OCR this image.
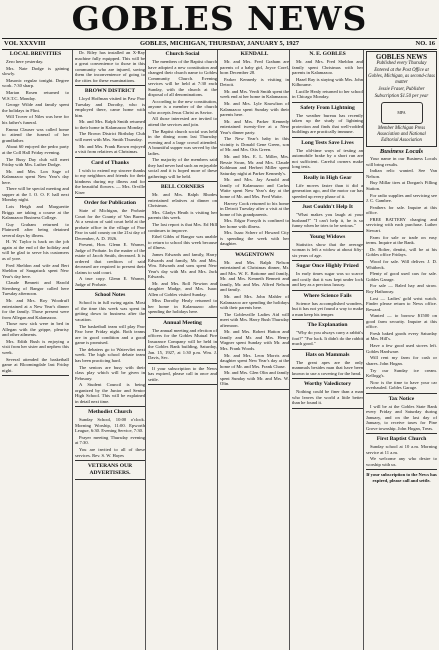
GOBLES NEWS
VOL XXXVIII	GOBLES, MICHIGAN, THURSDAY, JANUARY 5, 1927	NO. 16
LOCAL BREVITIES

Zero here yesterday.

Mrs. Nate Dodge is gaining slowly.

Masonic regular tonight. Degree work. 7:30 sharp.

Marian Rosen returned to W.S.T.C. Monday.

George Wilde and family spent the holidays in Flint.

Will Trover of Niles was here for his father's funeral.

Emma Clauser was called home to attend the funeral of her grandfather.

About 60 enjoyed the pedro party at the Coll Hall Friday evening.

The Busy Day club will meet Friday with Mrs. Luther Dodge.

Mr. and Mrs. Lon Sage of Kalamazoo spent New Year's day here.

There will be special meeting and supper at the I. O. O. F. hall next Monday night.

Lois Heigh and Marguerite Briggs are taking a course at the Kalamazoo Business College.

Guy Graham returned to Plainwell after being detained several days by illness.

H. W. Taylor is back on the job again at the end of the holiday and will be glad to serve his customers as of yore.

Fred Sheldon and wife and Bert Sheldon of Saugatuck spent New Year's day here.

Claude Bennett and Harold Sternberg of Bangor called here Tuesday afternoon.

Mr. and Mrs. Roy Woodruff entertained at a New Year's dinner for the family. Those present were from Allegan and Kalamazoo.

Those now sick were in bed in Allegan with the grippe, pleurisy and other ailments.

Mrs. Edith Bush is enjoying a visit from her sister and nephew this week.

Several attended the basketball game at Bloomingdale last Friday night.

Dr. Riley has installed an X-Ray machine fully equipped. This will be a great convenience to those in this community who are injured, saving them the inconvenience of going to the cities for these examinations.

BROWN DISTRICT

Lloyd Hoffman visited in Paw Paw Tuesday and Dorothy, who is employed there, came home with him.

Mr. and Mrs. Ralph Smith returned to their home in Kalamazoo Monday.

The Brown District Birthday Club will meet with Mrs. Smith Thursday.

Mr. and Mrs. Frank Brown enjoyed a visit from relatives at Christmas.

Card of Thanks

I wish to extend my sincere thanks to my neighbors and friends for their kindness during my illness and for the beautiful flowers. — Mrs. Orville Kiser

Order for Publication

State of Michigan, the Probate Court for the County of Van Buren. At a session of said court held at the probate office in the village of Paw Paw in said county on the 21st day of December, A. D. 1926.

Present, Hon. Glenn E. Warner, Judge of Probate. In the matter of the estate of Jacob Smith, deceased. It is ordered that creditors of said deceased are required to present their claims to said court.

A true copy. Glenn E. Warner, Judge of Probate.

School Notes

School is in full swing again. Most of the time this week was spent in getting down to business after the vacation.

The basketball team will play Paw Paw here Friday night. Both teams are in good condition and a good game is promised.

The debaters go to Watervliet next week. The high school debate team has been practicing hard.

The seniors are busy with their class play which will be given in February.

A Student Council is being organized by the Junior and Senior High School. This will be explained in detail next time.

Methodist Church

Sunday School, 10:00 o'clock. Morning Worship, 11:00. Epworth League, 6:30. Evening Service, 7:30.

Prayer meeting Thursday evening at 7:30.

You are invited to all of these services. Rev. S. W. Hayes

VETERANS OUR ADVERTISERS.
Church Social

The members of the Baptist church have adopted a new constitution and changed their church name to Gobles Community Church. Evening services will be held at 7:30 each Sunday, with the church at the disposal of all denominations.

According to the new constitution, anyone is a member of the church who accepts Jesus Christ as Savior.

All those interested are invited to attend the services and join.

The Baptist church social was held in the dining room last Thursday evening and a large crowd attended. A bountiful supper was served by the ladies.

The majority of the members said they had never had such an enjoyable social and it is hoped more of these gatherings will be held.

BELL CORNERS

Mr. and Mrs. Ralph Rhodes entertained relatives at dinner on Christmas.

Mrs. Gladys Heath is visiting her parents this week.

The last report is that Mrs. Ed Hill continues to improve.

Ethel Gibbs of Bangor was unable to return to school this week because of illness.

James Edwards and family, Harry Edwards and family, Mr. and Mrs. Wm. Edwards and sons spent New Year's day with Mr. and Mrs. Jack Edwards.

Mr. and Mrs. Roll Newton and daughter Madge, and Mrs. Isaac Allen of Gobles visited Sunday.

Miss Dorothy Healy returned to her home in Kalamazoo after spending the holidays here.

Annual Meeting

The annual meeting and election of officers for the Gobles Mutual Fire Insurance Company will be held in the Gobles Bank building, Saturday, Jan. 15, 1927, at 1:30 p.m. Wm. J. Davis, Sec.

If your subscription to the News has expired, please call in once and settle.

KENDALL

Mr. and Mrs. Fred Graham are parents of a baby girl, Joyce Corel, born December 28.

Parker Kennedy is visiting in Detroit.

Mr. and Mrs. Verdi Smith spent the week end at her home in Kalamazoo.

Mr. and Mrs. Lyle Knowlton of Kalamazoo spent Sunday with their parents here.

Mr. and Mrs. Parker Kennedy entertained twenty-five at a New Year's dinner party.

The New Year's baby in this vicinity is Donald Gene Green, son of Mr. and Mrs. Otis Green.

Mr. and Mrs. E. L. Miller, Mrs. Bessie Swan, Mr. and Mrs. Claude Kohlman and Herbert Miller spent Saturday night at Parker Kennedy's.

Mr. and Mrs. Jay Arnold and family of Kalamazoo and Carlos Waite spent New Year's day at the home of Mr. and Mrs. Fred Waite.

Harvey Cook returned to his home in Detroit Tuesday after a visit at the home of his grandparents.

Mrs. Edgar Forsyth is confined to her home with illness.

Mrs. Isaac Scherr of Howard City is spending the week with her daughter.

WAGENTOWN

Mr. and Mrs. Ralph Nelson entertained at Christmas dinner, Mr. and Mrs. W. E. Bottome and family, Mr. and Mrs. Kenneth Bennett and family, Mr. and Mrs. Alfred Nelson and family.

Mr. and Mrs. John Mahler of Kalamazoo are spending the holidays with their parents here.

The Goblesville Ladies Aid will meet with Mrs. Harry Bush Thursday afternoon.

Mr. and Mrs. Robert Hatton and family and Mr. and Mrs. Henry Wagner spent Sunday with Mr. and Mrs. Frank Woods.

Mr. and Mrs. Leon Morris and daughter spent New Year's day at the home of Mr. and Mrs. Frank Chase.

Mr. and Mrs. Glen Olin and family spent Sunday with Mr. and Mrs. W. Olin.

N. E. GOBLES

Mr. and Mrs. Fred Sheldon and family spent Christmas with her parents in Kalamazoo.

Hazel Ray is staying with Mrs. John Kilbourne.

Lucille Healy returned to her school in Chicago Monday.

Safety From Lightning

The weather bureau has recently taken up the study of lightning protection and finds that well-rodded buildings are practically immune.

Long Tests Save Lives

The old-time ways of testing an automobile brake by a short run are not sufficient. Careful owners make long tests.

Really in High Gear

Life moves faster than it did a generation ago, and the motor car has speeded up every phase of it.

Just Couldn't Help It

"What makes you laugh at your husband?" "I can't help it, he is so funny when he tries to be serious."

Young Widows

Statistics show that the average woman is left a widow at about fifty-six years of age.

Sugar Once Highly Prized

In early times sugar was so scarce and costly that it was kept under lock and key as a precious luxury.

Where Science Fails

Science has accomplished wonders, but it has not yet found a way to make a man keep his temper.

The Explanation

"Why do you always carry a rabbit's foot?" "For luck. It didn't do the rabbit much good."

Hats on Mammals

The great apes are the only mammals besides man that have been known to use a covering for the head.

Worthy Valedictory

Nothing could be finer than a man who leaves the world a little better than he found it.

GOBLES NEWS
Published every Thursday
Entered at the Post Office at Gobles, Michigan, as second-class matter
Jessie Fraser, Publisher
Subscription $1.50 per year
MPA
Member Michigan Press Association and National Editorial Association
Business Locals

Your name in our Business Locals will bring results.

Indian relic wanted. See Van Nelson.

Buy Millar tires at Dorgan's Filling Station.

For radio supplies and servicing see J. C. Gambee.

Feathers for sale. Inquire at this office.

FREE BATTERY charging and servicing with each purchase. Luther Stewart.

Farm for sale or trade on easy terms. Inquire at the Bank.

Dr. Bolter, dentist, will be at his Gobles office Fridays.

Wood for sale. Will deliver. J. D. Whitbeck.

Plenty of good used cars for sale. Gobles Garage.

For sale — Baled hay and straw. Roy Hathaway.

Lost — Ladies' gold wrist watch. Finder please return to News office. Reward.

Wanted — to borrow $1500 on good farm security. Inquire at this office.

Fresh baked goods every Saturday at Mrs. Hill's.

Have a few good used stoves left. Gobles Hardware.

Will rent my farm for cash or shares. John Hogan.

Try our Sunday ice cream. Kellogg's.

Now is the time to have your car overhauled. Gobles Garage.

Tax Notice

I will be at the Gobles State Bank every Friday and Saturday during January, and on the last day of January, to receive taxes for Pine Grove township. John Hogan, Treas.

First Baptist Church

Sunday school at 10 a.m. Morning service at 11 a.m.

We welcome any who desire to worship with us.

If your subscription to the News has expired, please call and settle.
